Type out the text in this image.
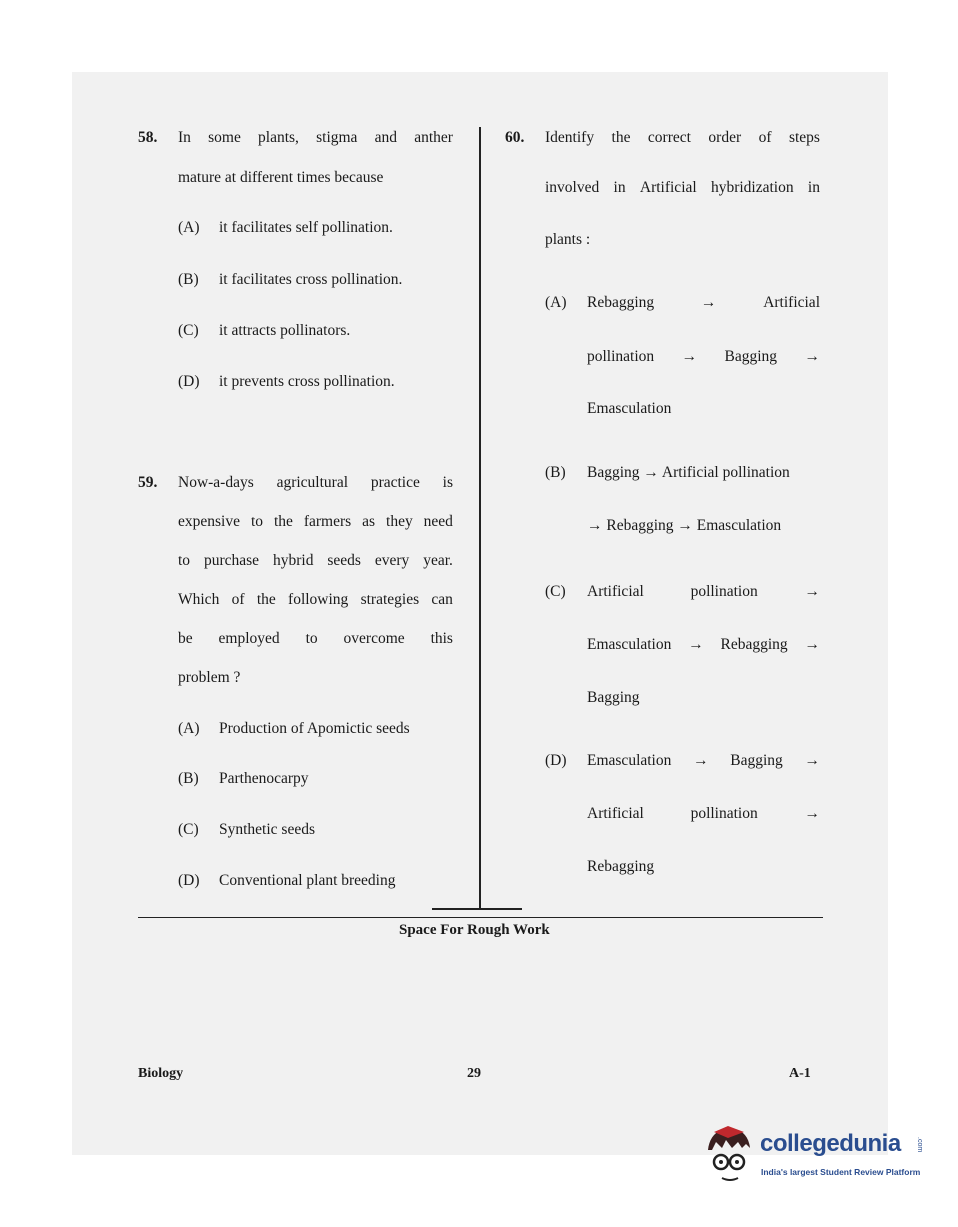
58. In some plants, stigma and anther
mature at different times because
(A) it facilitates self pollination.
(B) it facilitates cross pollination.
(C) it attracts pollinators.
(D) it prevents cross pollination.
59. Now-a-days agricultural practice is
expensive to the farmers as they need
to purchase hybrid seeds every year.
Which of the following strategies can
be employed to overcome this
problem ?
(A) Production of Apomictic seeds
(B) Parthenocarpy
(C) Synthetic seeds
(D) Conventional plant breeding
60. Identify the correct order of steps
involved in Artificial hybridization in
plants :
(A) Rebagging	→	Artificial
pollination → Bagging →
Emasculation
(B) Bagging → Artificial pollination
→ Rebagging → Emasculation
(C) Artificial	pollination	→
Emasculation → Rebagging →
Bagging
(D) Emasculation → Bagging →
Artificial	pollination	→
Rebagging
Space For Rough Work
Biology	29	A-1
collegedunia .com
India's largest Student Review Platform
